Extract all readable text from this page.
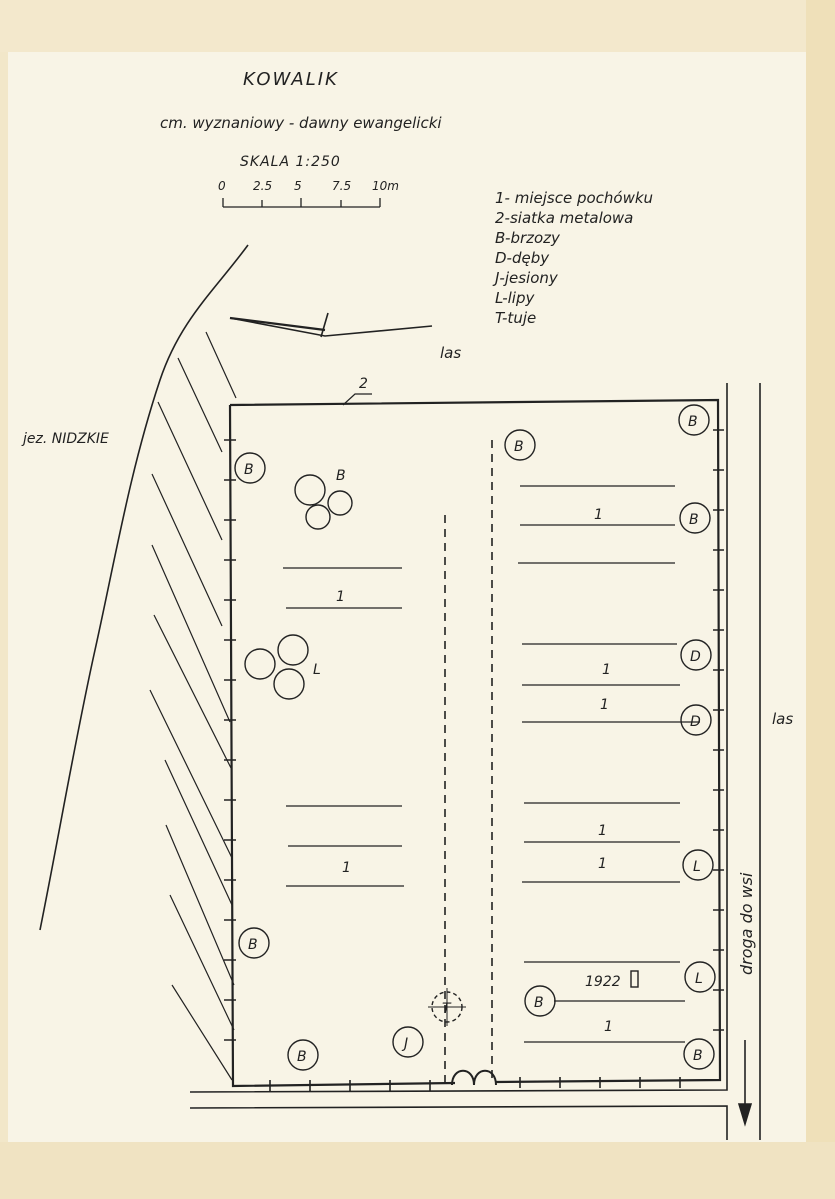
KOWALIK
cm. wyznaniowy - dawny ewangelicki
SKALA 1:250
0 2.5 5	7.5 10m
1- miejsce pochówku
2-siatka metalowa
B-brzozy
D-dęby
J-jesiony
L-lipy
T-tuje
jez. NIDZKIE
las
las
2
droga do wsi
1
1
1
1
1
1
1
1
1922
B
L
B
B
B
B
B
B
B
B
D
D
L
L
J
T
